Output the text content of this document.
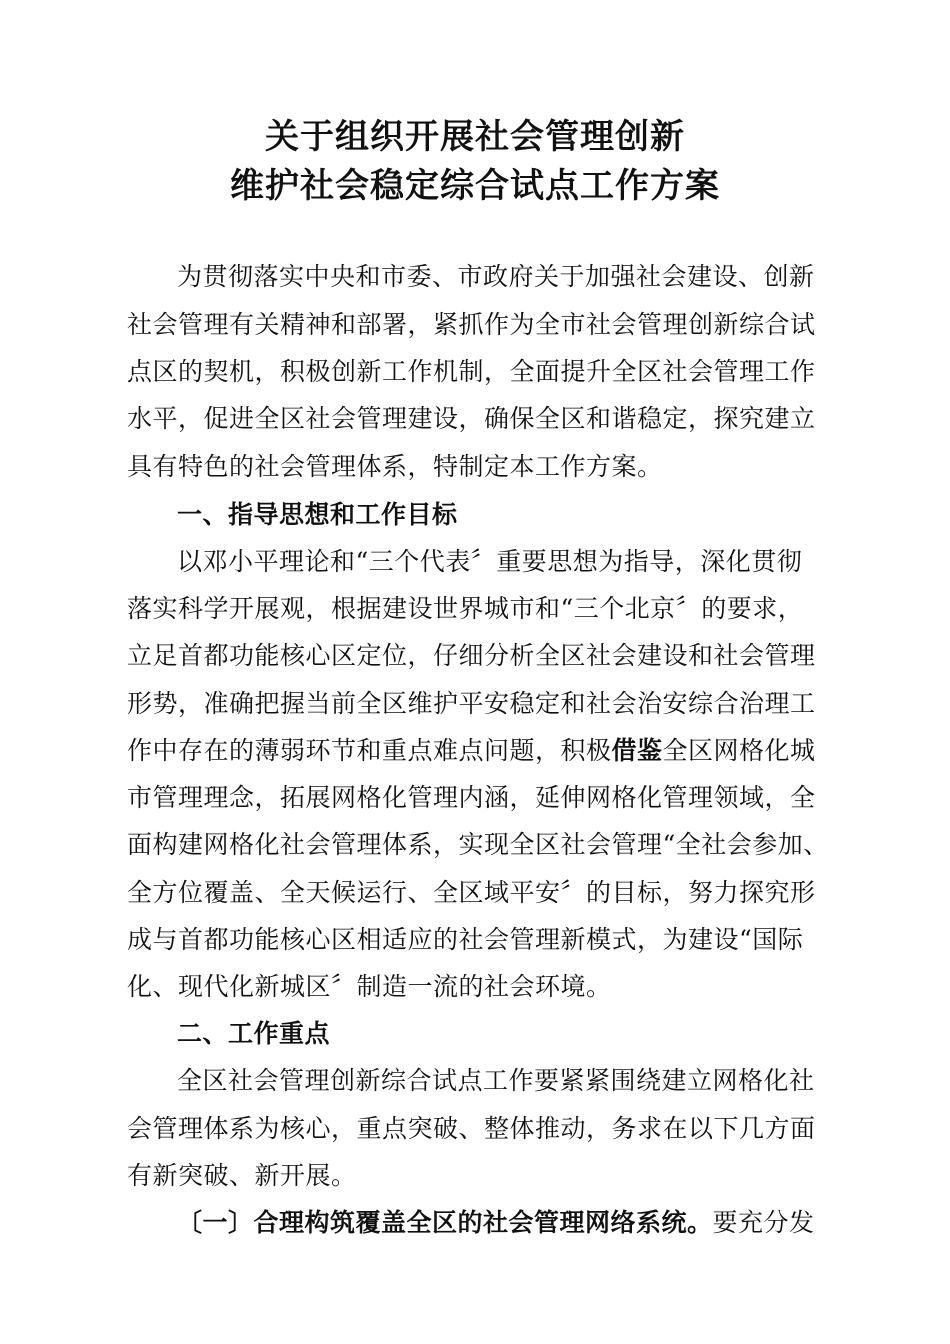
关于组织开展社会管理创新
维护社会稳定综合试点工作方案
为贯彻落实中央和市委、市政府关于加强社会建设、创新
社会管理有关精神和部署，紧抓作为全市社会管理创新综合试
点区的契机，积极创新工作机制，全面提升全区社会管理工作
水平，促进全区社会管理建设，确保全区和谐稳定，探究建立
具有特色的社会管理体系，特制定本工作方案。
一、指导思想和工作目标
以邓小平理论和“三个代表〞重要思想为指导，深化贯彻
落实科学开展观，根据建设世界城市和“三个北京〞的要求，
立足首都功能核心区定位，仔细分析全区社会建设和社会管理
形势，准确把握当前全区维护平安稳定和社会治安综合治理工
作中存在的薄弱环节和重点难点问题，积极借鉴全区网格化城
市管理理念，拓展网格化管理内涵，延伸网格化管理领域，全
面构建网格化社会管理体系，实现全区社会管理“全社会参加、
全方位覆盖、全天候运行、全区域平安〞的目标，努力探究形
成与首都功能核心区相适应的社会管理新模式，为建设“国际
化、现代化新城区〞制造一流的社会环境。
二、工作重点
全区社会管理创新综合试点工作要紧紧围绕建立网格化社
会管理体系为核心，重点突破、整体推动，务求在以下几方面
有新突破、新开展。
〔一〕合理构筑覆盖全区的社会管理网络系统。要充分发
